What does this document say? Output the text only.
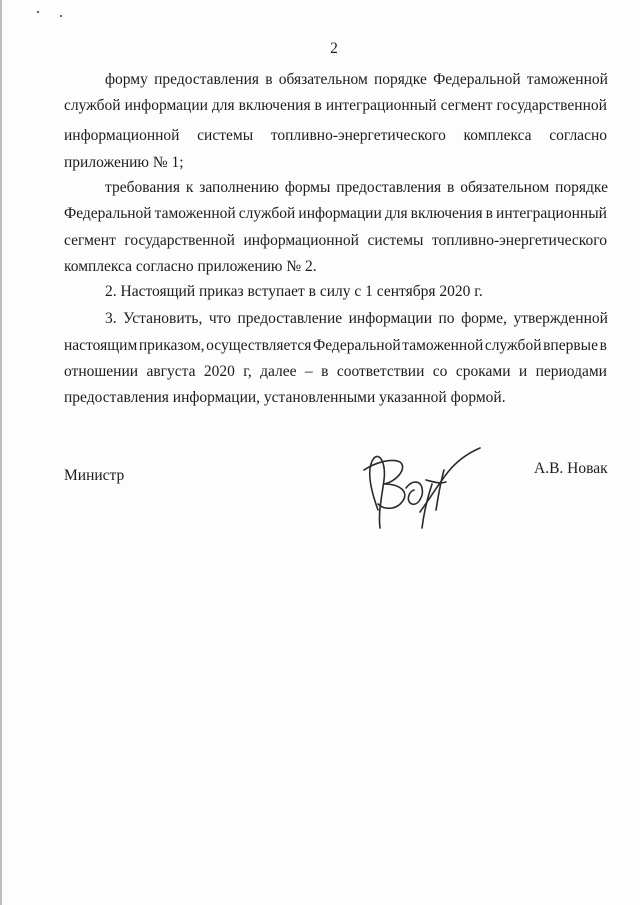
2
форму предоставления в обязательном порядке Федеральной таможенной
службой информации для включения в интеграционный сегмент государственной
информационной системы топливно-энергетического комплекса согласно
приложению № 1;
требования к заполнению формы предоставления в обязательном порядке
Федеральной таможенной службой информации для включения в интеграционный
сегмент государственной информационной системы топливно-энергетического
комплекса согласно приложению № 2.
2. Настоящий приказ вступает в силу с 1 сентября 2020 г.
3. Установить, что предоставление информации по форме, утвержденной
настоящим приказом, осуществляется Федеральной таможенной службой впервые в
отношении августа 2020 г, далее – в соответствии со сроками и периодами
предоставления информации, установленными указанной формой.
Министр	А.В. Новак
